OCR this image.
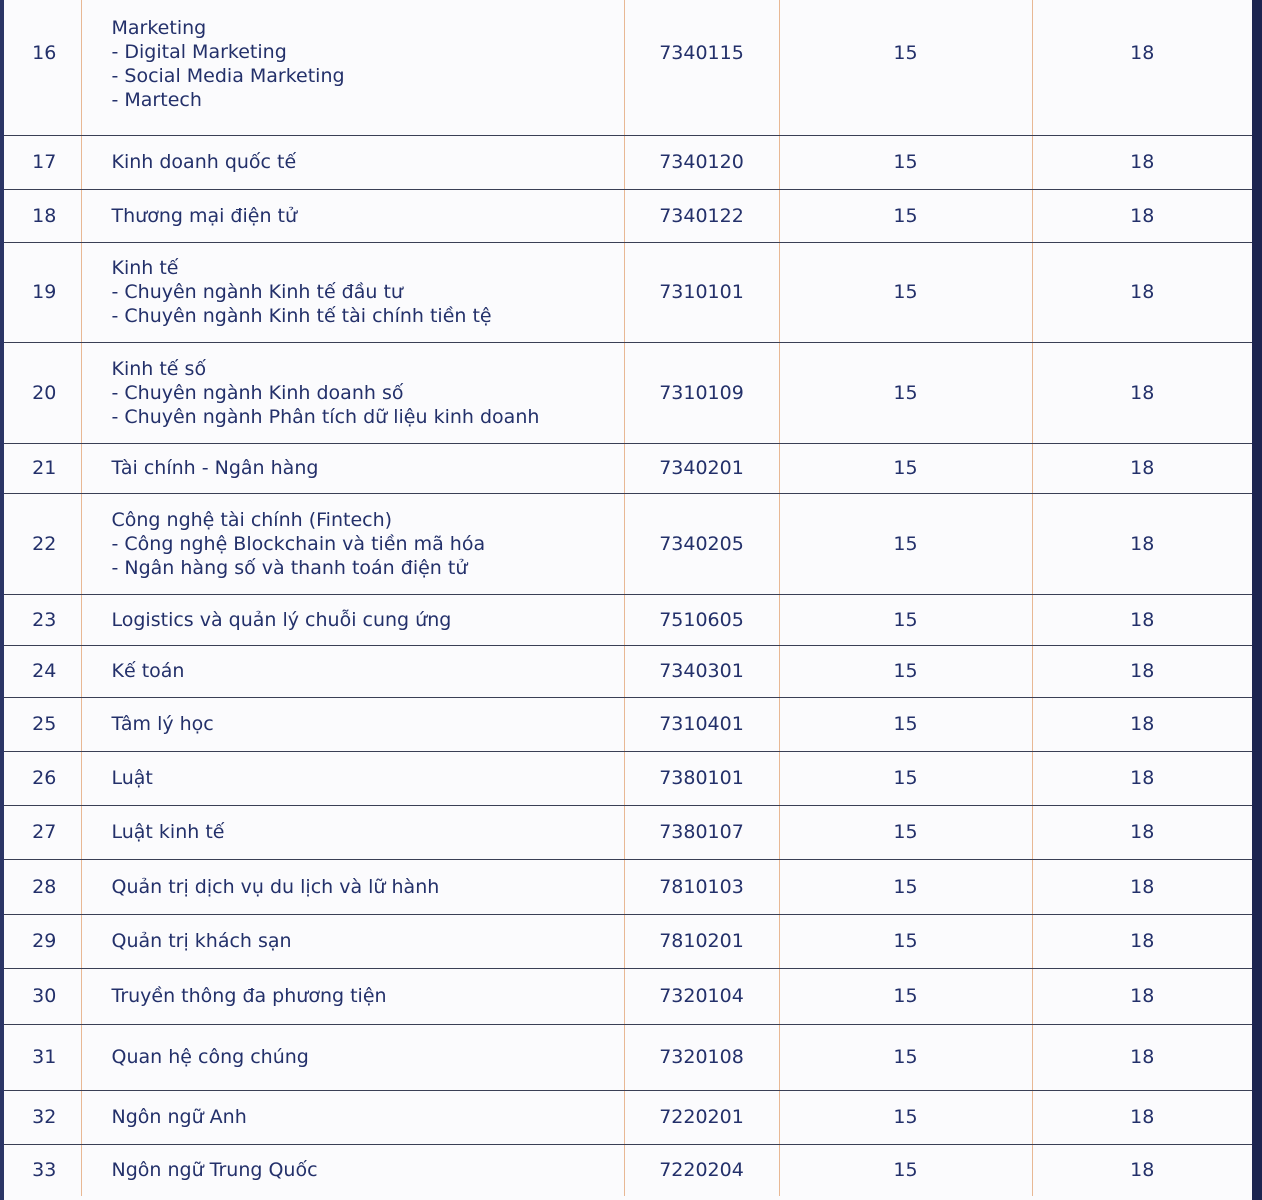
16	Marketing
- Digital Marketing
- Social Media Marketing
- Martech	7340115	15	18
17	Kinh doanh quốc tế	7340120	15	18
18	Thương mại điện tử	7340122	15	18
19	Kinh tế
- Chuyên ngành Kinh tế đầu tư
- Chuyên ngành Kinh tế tài chính tiền tệ	7310101	15	18
20	Kinh tế số
- Chuyên ngành Kinh doanh số
- Chuyên ngành Phân tích dữ liệu kinh doanh	7310109	15	18
21	Tài chính - Ngân hàng	7340201	15	18
22	Công nghệ tài chính (Fintech)
- Công nghệ Blockchain và tiền mã hóa
- Ngân hàng số và thanh toán điện tử	7340205	15	18
23	Logistics và quản lý chuỗi cung ứng	7510605	15	18
24	Kế toán	7340301	15	18
25	Tâm lý học	7310401	15	18
26	Luật	7380101	15	18
27	Luật kinh tế	7380107	15	18
28	Quản trị dịch vụ du lịch và lữ hành	7810103	15	18
29	Quản trị khách sạn	7810201	15	18
30	Truyền thông đa phương tiện	7320104	15	18
31	Quan hệ công chúng	7320108	15	18
32	Ngôn ngữ Anh	7220201	15	18
33	Ngôn ngữ Trung Quốc	7220204	15	18
